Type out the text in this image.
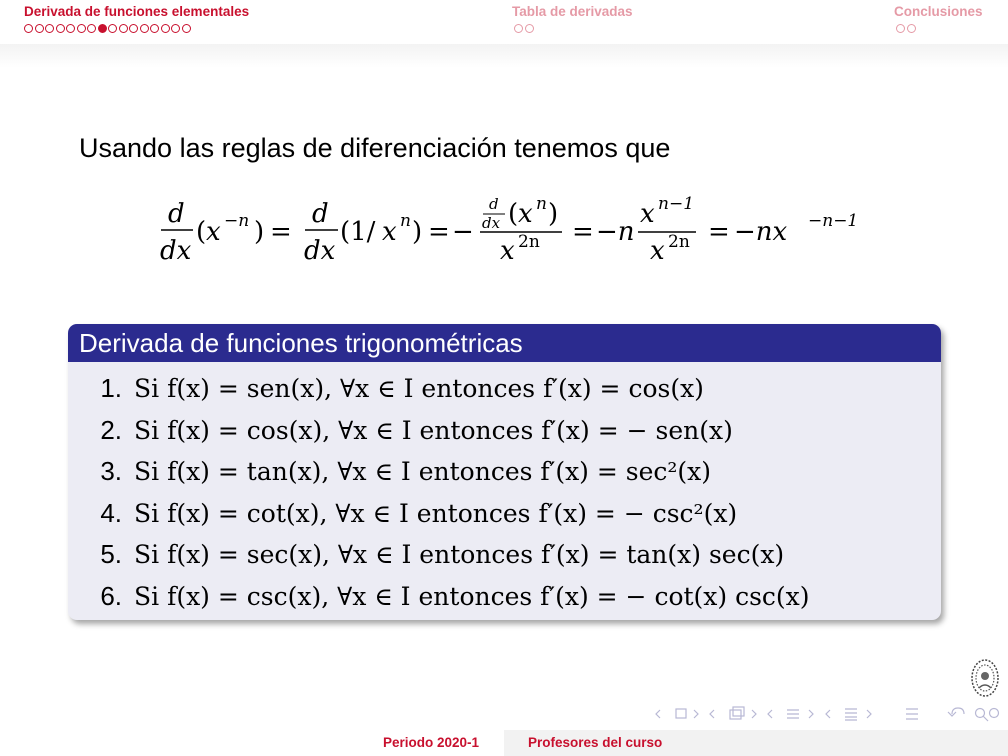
Derivada de funciones elementales	Tabla de derivadas	Conclusiones
Usando las reglas de diferenciación tenemos que
d
dx
( x −n ) =
d
dx
(1/ x n ) = −
d
dx ( x n )
x 2n = −n
x n−1
x 2n = −nx −n−1
Derivada de funciones trigonométricas
1. Si f(x) = sen(x), ∀x ∈ I entonces f′(x) = cos(x)
2. Si f(x) = cos(x), ∀x ∈ I entonces f′(x) = − sen(x)
3. Si f(x) = tan(x), ∀x ∈ I entonces f′(x) = sec²(x)
4. Si f(x) = cot(x), ∀x ∈ I entonces f′(x) = − csc²(x)
5. Si f(x) = sec(x), ∀x ∈ I entonces f′(x) = tan(x) sec(x)
6. Si f(x) = csc(x), ∀x ∈ I entonces f′(x) = − cot(x) csc(x)
Periodo 2020-1	Profesores del curso
